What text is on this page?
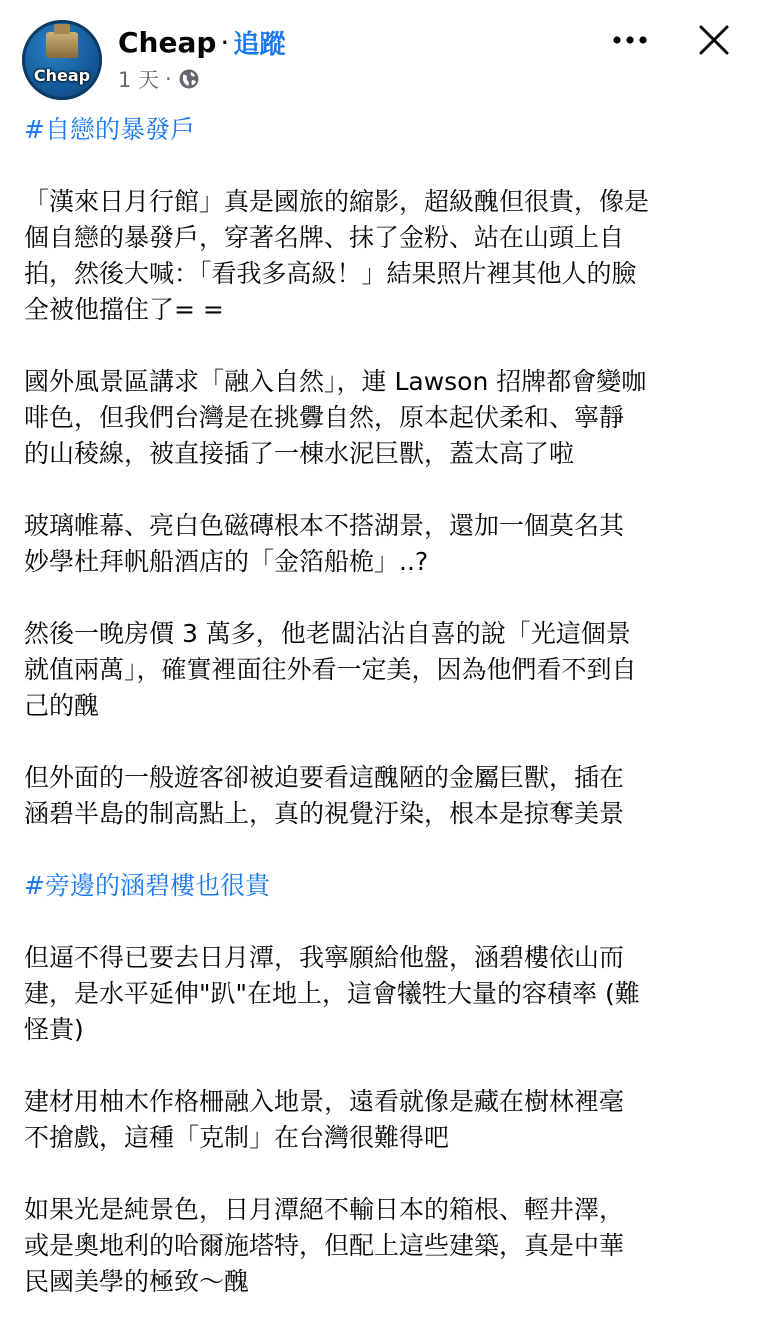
Cheap
Cheap · 追蹤
1 天 ·
#自戀的暴發戶
「漢來日月行館」真是國旅的縮影，超級醜但很貴，像是
個自戀的暴發戶，穿著名牌、抹了金粉、站在山頭上自
拍，然後大喊：「看我多高級！」結果照片裡其他人的臉
全被他擋住了= =
國外風景區講求「融入自然」，連 Lawson 招牌都會變咖
啡色，但我們台灣是在挑釁自然，原本起伏柔和、寧靜
的山稜線，被直接插了一棟水泥巨獸，蓋太高了啦
玻璃帷幕、亮白色磁磚根本不搭湖景，還加一個莫名其
妙學杜拜帆船酒店的「金箔船桅」..?
然後一晚房價 3 萬多，他老闆沾沾自喜的說「光這個景
就值兩萬」，確實裡面往外看一定美，因為他們看不到自
己的醜
但外面的一般遊客卻被迫要看這醜陋的金屬巨獸，插在
涵碧半島的制高點上，真的視覺汙染，根本是掠奪美景
#旁邊的涵碧樓也很貴
但逼不得已要去日月潭，我寧願給他盤，涵碧樓依山而
建，是水平延伸"趴"在地上，這會犧牲大量的容積率 (難
怪貴)
建材用柚木作格柵融入地景，遠看就像是藏在樹林裡毫
不搶戲，這種「克制」在台灣很難得吧
如果光是純景色，日月潭絕不輸日本的箱根、輕井澤，
或是奧地利的哈爾施塔特，但配上這些建築，真是中華
民國美學的極致～醜
